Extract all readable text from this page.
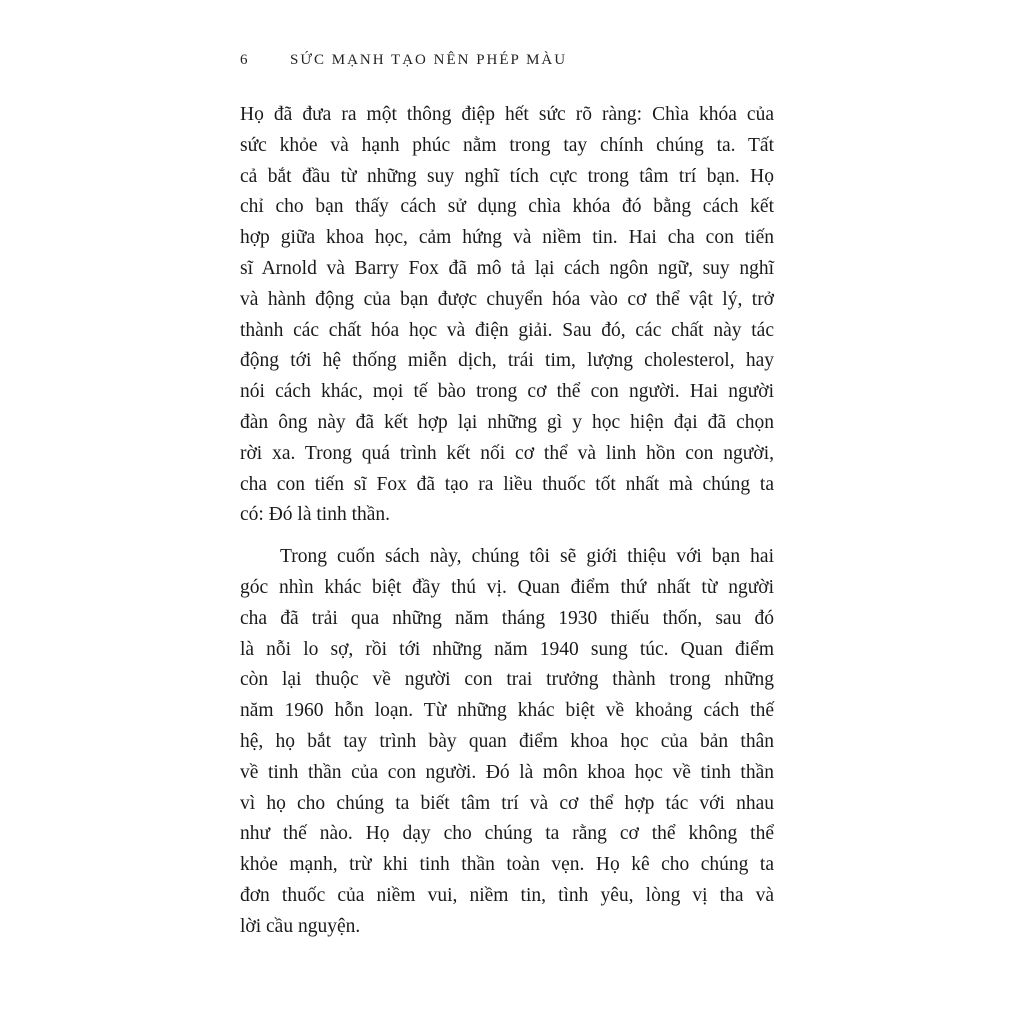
6	SỨC MẠNH TẠO NÊN PHÉP MÀU
Họ đã đưa ra một thông điệp hết sức rõ ràng: Chìa khóa của
sức khỏe và hạnh phúc nằm trong tay chính chúng ta. Tất
cả bắt đầu từ những suy nghĩ tích cực trong tâm trí bạn. Họ
chỉ cho bạn thấy cách sử dụng chìa khóa đó bằng cách kết
hợp giữa khoa học, cảm hứng và niềm tin. Hai cha con tiến
sĩ Arnold và Barry Fox đã mô tả lại cách ngôn ngữ, suy nghĩ
và hành động của bạn được chuyển hóa vào cơ thể vật lý, trở
thành các chất hóa học và điện giải. Sau đó, các chất này tác
động tới hệ thống miễn dịch, trái tim, lượng cholesterol, hay
nói cách khác, mọi tế bào trong cơ thể con người. Hai người
đàn ông này đã kết hợp lại những gì y học hiện đại đã chọn
rời xa. Trong quá trình kết nối cơ thể và linh hồn con người,
cha con tiến sĩ Fox đã tạo ra liều thuốc tốt nhất mà chúng ta
có: Đó là tinh thần.
Trong cuốn sách này, chúng tôi sẽ giới thiệu với bạn hai
góc nhìn khác biệt đầy thú vị. Quan điểm thứ nhất từ người
cha đã trải qua những năm tháng 1930 thiếu thốn, sau đó
là nỗi lo sợ, rồi tới những năm 1940 sung túc. Quan điểm
còn lại thuộc về người con trai trưởng thành trong những
năm 1960 hỗn loạn. Từ những khác biệt về khoảng cách thế
hệ, họ bắt tay trình bày quan điểm khoa học của bản thân
về tinh thần của con người. Đó là môn khoa học về tinh thần
vì họ cho chúng ta biết tâm trí và cơ thể hợp tác với nhau
như thế nào. Họ dạy cho chúng ta rằng cơ thể không thể
khỏe mạnh, trừ khi tinh thần toàn vẹn. Họ kê cho chúng ta
đơn thuốc của niềm vui, niềm tin, tình yêu, lòng vị tha và
lời cầu nguyện.
